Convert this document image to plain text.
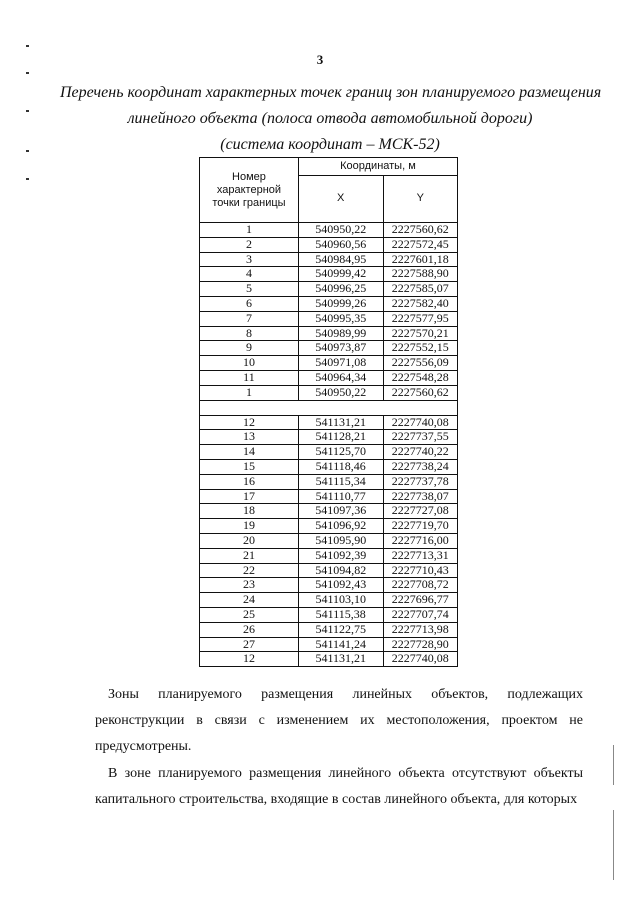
3
Перечень координат характерных точек границ зон планируемого размещения
линейного объекта (полоса отвода автомобильной дороги)
(система координат – МСК-52)
Номер характерной точки границы	Координаты, м	
	X	Y
1	540950,22	2227560,62
2	540960,56	2227572,45
3	540984,95	2227601,18
4	540999,42	2227588,90
5	540996,25	2227585,07
6	540999,26	2227582,40
7	540995,35	2227577,95
8	540989,99	2227570,21
9	540973,87	2227552,15
10	540971,08	2227556,09
11	540964,34	2227548,28
1	540950,22	2227560,62

12	541131,21	2227740,08
13	541128,21	2227737,55
14	541125,70	2227740,22
15	541118,46	2227738,24
16	541115,34	2227737,78
17	541110,77	2227738,07
18	541097,36	2227727,08
19	541096,92	2227719,70
20	541095,90	2227716,00
21	541092,39	2227713,31
22	541094,82	2227710,43
23	541092,43	2227708,72
24	541103,10	2227696,77
25	541115,38	2227707,74
26	541122,75	2227713,98
27	541141,24	2227728,90
12	541131,21	2227740,08
Зоны планируемого размещения линейных объектов, подлежащих реконструкции в связи с изменением их местоположения, проектом не предусмотрены.
В зоне планируемого размещения линейного объекта отсутствуют объекты капитального строительства, входящие в состав линейного объекта, для которых
